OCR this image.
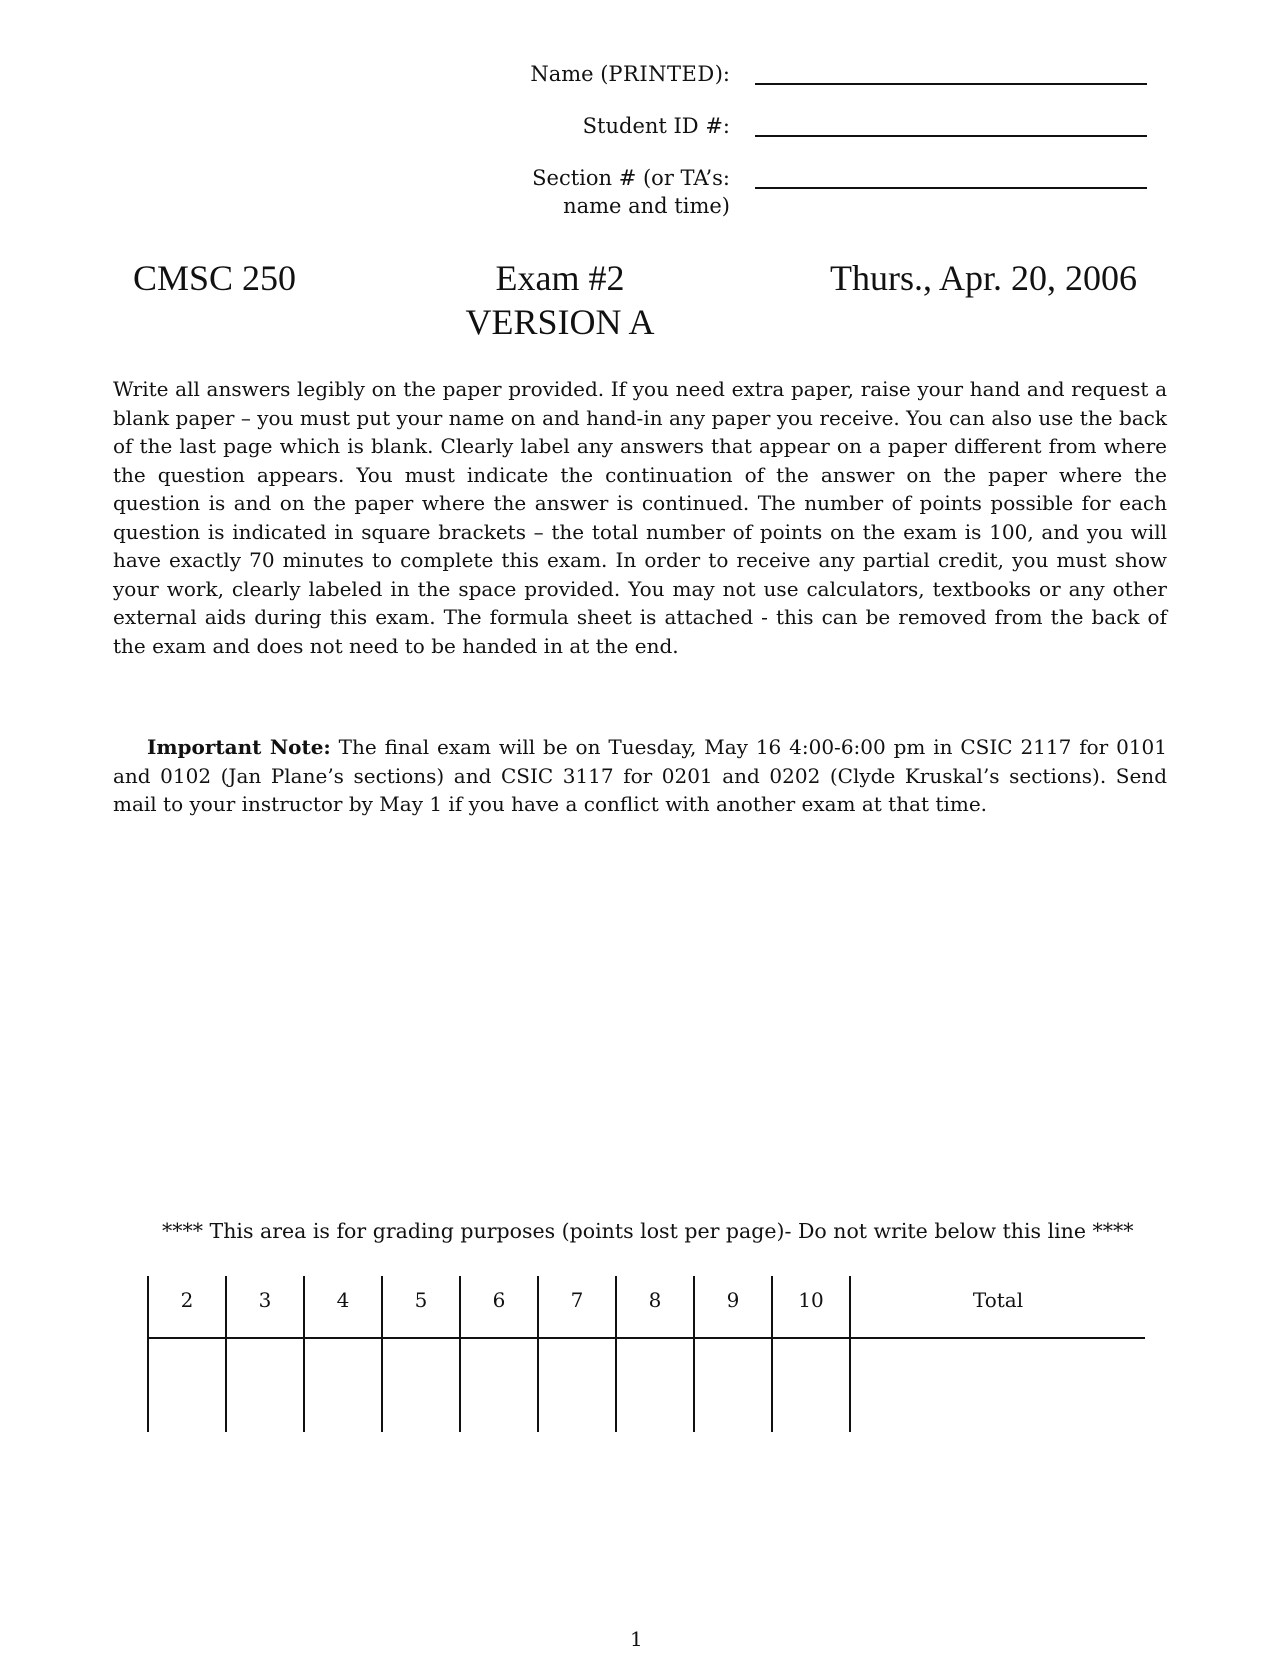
Name (PRINTED):
Student ID #:
Section # (or TA’s:
name and time)
CMSC 250	Exam #2
VERSION A
Thurs., Apr. 20, 2006
Write all answers legibly on the paper provided. If you need extra paper, raise your hand and request a blank paper – you must put your name on and hand-in any paper you receive. You can also use the back of the last page which is blank. Clearly label any answers that appear on a paper different from where the question appears. You must indicate the continuation of the answer on the paper where the question is and on the paper where the answer is continued. The number of points possible for each question is indicated in square brackets – the total number of points on the exam is 100, and you will have exactly 70 minutes to complete this exam. In order to receive any partial credit, you must show your work, clearly labeled in the space provided. You may not use calculators, textbooks or any other external aids during this exam. The formula sheet is attached - this can be removed from the back of the exam and does not need to be handed in at the end.
Important Note: The final exam will be on Tuesday, May 16 4:00-6:00 pm in CSIC 2117 for 0101 and 0102 (Jan Plane’s sections) and CSIC 3117 for 0201 and 0202 (Clyde Kruskal’s sections). Send mail to your instructor by May 1 if you have a conflict with another exam at that time.
**** This area is for grading purposes (points lost per page)- Do not write below this line ****
2	3	4	5	6	7	8	9	10	Total

1
